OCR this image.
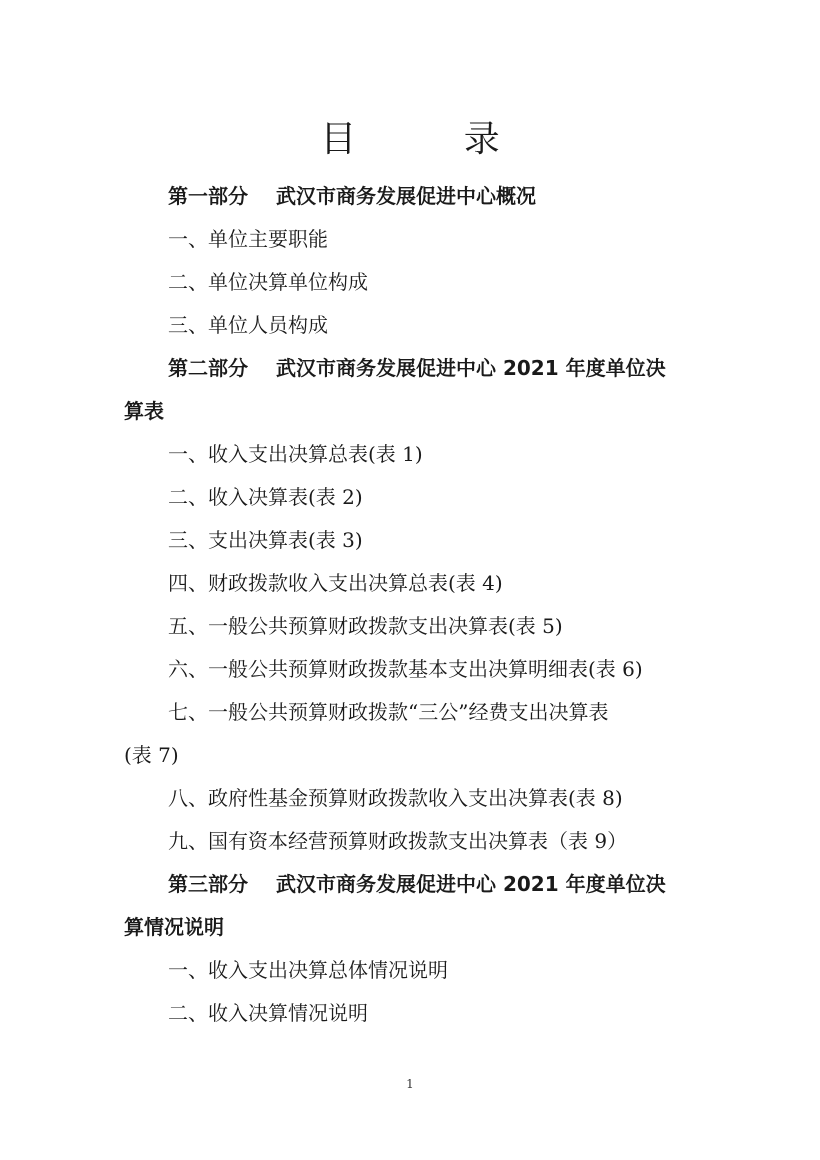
目 录
第一部分 武汉市商务发展促进中心概况
一、单位主要职能
二、单位决算单位构成
三、单位人员构成
第二部分 武汉市商务发展促进中心 2021 年度单位决
算表
一、收入支出决算总表(表 1)
二、收入决算表(表 2)
三、支出决算表(表 3)
四、财政拨款收入支出决算总表(表 4)
五、一般公共预算财政拨款支出决算表(表 5)
六、一般公共预算财政拨款基本支出决算明细表(表 6)
七、一般公共预算财政拨款“三公”经费支出决算表
(表 7)
八、政府性基金预算财政拨款收入支出决算表(表 8)
九、国有资本经营预算财政拨款支出决算表（表 9）
第三部分 武汉市商务发展促进中心 2021 年度单位决
算情况说明
一、收入支出决算总体情况说明
二、收入决算情况说明
1
